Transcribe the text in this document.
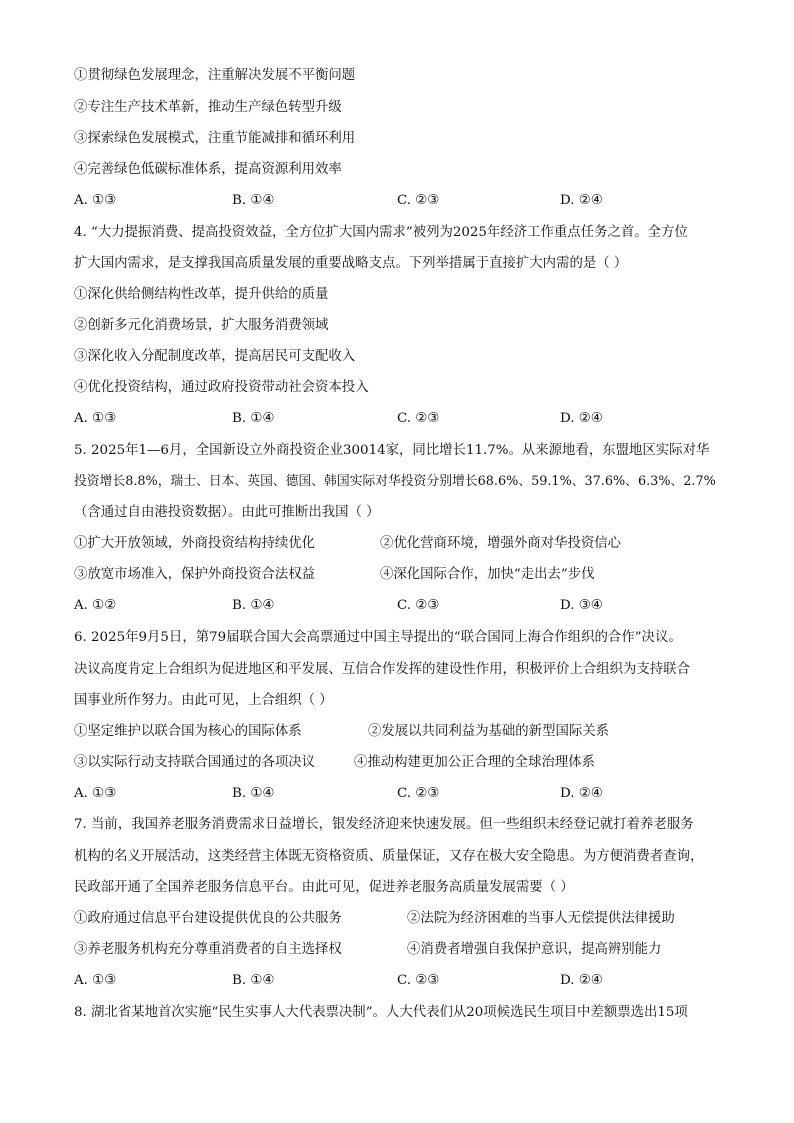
①贯彻绿色发展理念，注重解决发展不平衡问题
②专注生产技术革新，推动生产绿色转型升级
③探索绿色发展模式，注重节能减排和循环利用
④完善绿色低碳标准体系，提高资源利用效率
A. ①③	B. ①④	C. ②③	D. ②④
4. “大力提振消费、提高投资效益，全方位扩大国内需求”被列为2025年经济工作重点任务之首。全方位
扩大国内需求，是支撑我国高质量发展的重要战略支点。下列举措属于直接扩大内需的是（ ）
①深化供给侧结构性改革，提升供给的质量
②创新多元化消费场景，扩大服务消费领域
③深化收入分配制度改革，提高居民可支配收入
④优化投资结构，通过政府投资带动社会资本投入
A. ①③	B. ①④	C. ②③	D. ②④
5. 2025年1—6月，全国新设立外商投资企业30014家，同比增长11.7%。从来源地看，东盟地区实际对华
投资增长8.8%，瑞士、日本、英国、德国、韩国实际对华投资分别增长68.6%、59.1%、37.6%、6.3%、2.7%
（含通过自由港投资数据）。由此可推断出我国（ ）
①扩大开放领域，外商投资结构持续优化	②优化营商环境，增强外商对华投资信心
③放宽市场准入，保护外商投资合法权益	④深化国际合作，加快“走出去”步伐
A. ①②	B. ①④	C. ②③	D. ③④
6. 2025年9月5日，第79届联合国大会高票通过中国主导提出的“联合国同上海合作组织的合作”决议。
决议高度肯定上合组织为促进地区和平发展、互信合作发挥的建设性作用，积极评价上合组织为支持联合
国事业所作努力。由此可见，上合组织（ ）
①坚定维护以联合国为核心的国际体系	②发展以共同利益为基础的新型国际关系
③以实际行动支持联合国通过的各项决议	④推动构建更加公正合理的全球治理体系
A. ①③	B. ①④	C. ②③	D. ②④
7. 当前，我国养老服务消费需求日益增长，银发经济迎来快速发展。但一些组织未经登记就打着养老服务
机构的名义开展活动，这类经营主体既无资格资质、质量保证，又存在极大安全隐患。为方便消费者查询，
民政部开通了全国养老服务信息平台。由此可见，促进养老服务高质量发展需要（ ）
①政府通过信息平台建设提供优良的公共服务	②法院为经济困难的当事人无偿提供法律援助
③养老服务机构充分尊重消费者的自主选择权	④消费者增强自我保护意识，提高辨别能力
A. ①③	B. ①④	C. ②③	D. ②④
8. 湖北省某地首次实施“民生实事人大代表票决制”。人大代表们从20项候选民生项目中差额票选出15项
